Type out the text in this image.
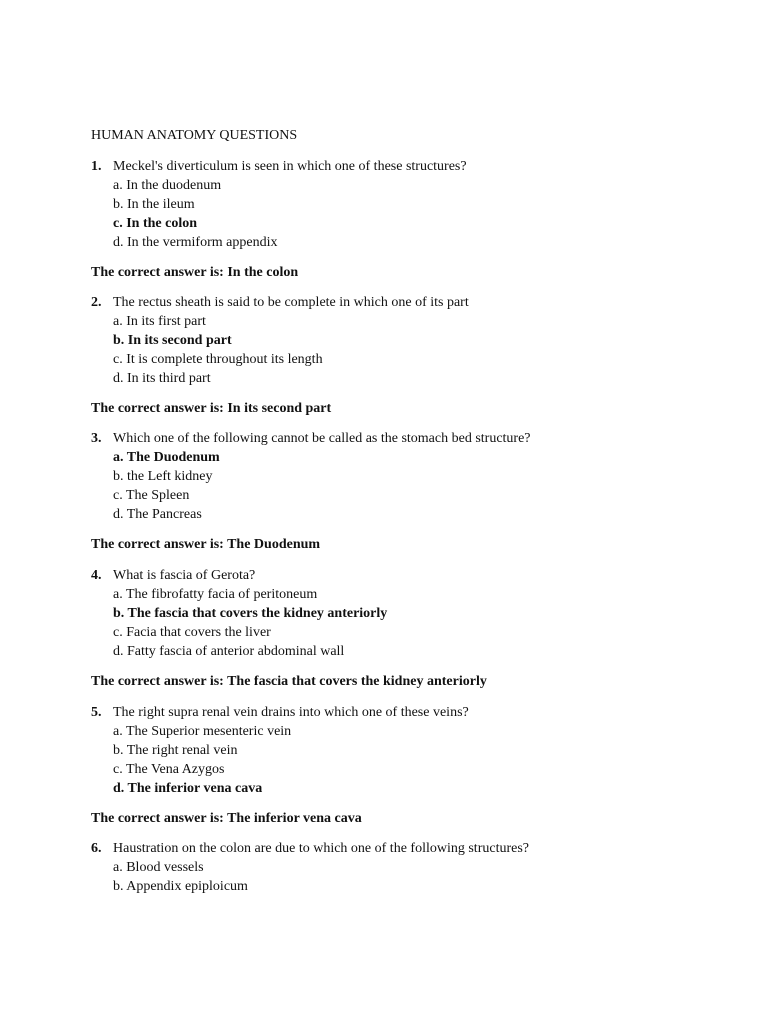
HUMAN ANATOMY QUESTIONS
1. Meckel's diverticulum is seen in which one of these structures?
a. In the duodenum
b. In the ileum
c. In the colon
d. In the vermiform appendix
The correct answer is: In the colon
2. The rectus sheath is said to be complete in which one of its part
a. In its first part
b. In its second part
c. It is complete throughout its length
d. In its third part
The correct answer is: In its second part
3. Which one of the following cannot be called as the stomach bed structure?
a. The Duodenum
b. the Left kidney
c. The Spleen
d. The Pancreas
The correct answer is: The Duodenum
4. What is fascia of Gerota?
a. The fibrofatty facia of peritoneum
b. The fascia that covers the kidney anteriorly
c. Facia that covers the liver
d. Fatty fascia of anterior abdominal wall
The correct answer is: The fascia that covers the kidney anteriorly
5. The right supra renal vein drains into which one of these veins?
a. The Superior mesenteric vein
b. The right renal vein
c. The Vena Azygos
d. The inferior vena cava
The correct answer is: The inferior vena cava
6. Haustration on the colon are due to which one of the following structures?
a. Blood vessels
b. Appendix epiploicum
